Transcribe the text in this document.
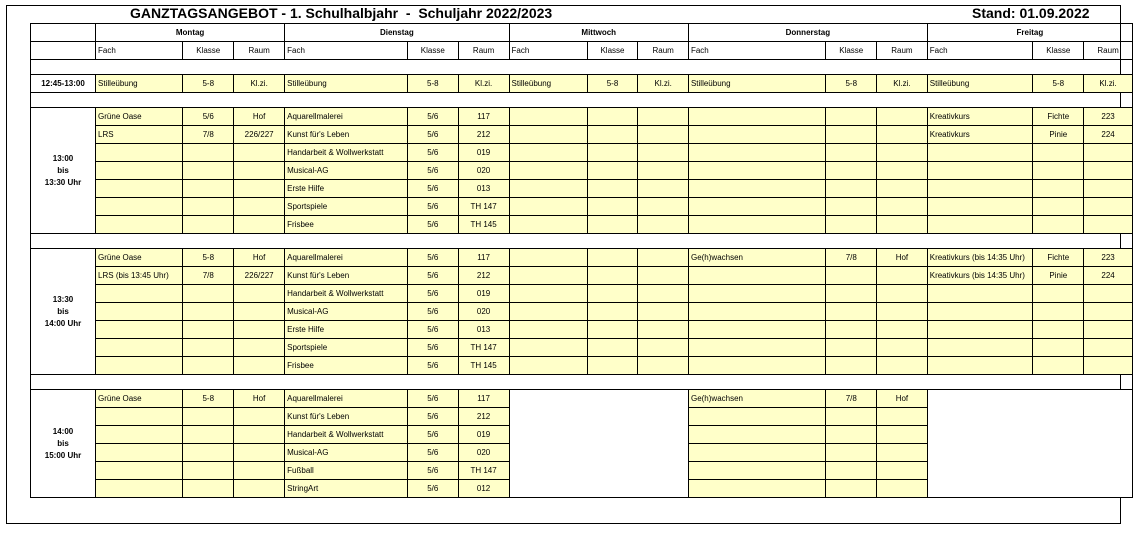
GANZTAGSANGEBOT - 1. Schulhalbjahr  -  Schuljahr 2022/2023	Stand: 01.09.2022
	Montag			Dienstag			Mittwoch			Donnerstag			Freitag		
	Fach	Klasse	Raum	Fach	Klasse	Raum	Fach	Klasse	Raum	Fach	Klasse	Raum	Fach	Klasse	Raum

12:45-13:00	Stilleübung	5-8	Kl.zi.	Stilleübung	5-8	Kl.zi.	Stilleübung	5-8	Kl.zi.	Stilleübung	5-8	Kl.zi.	Stilleübung	5-8	Kl.zi.

13:00
bis
13:30 Uhr	Grüne Oase	5/6	Hof	Aquarellmalerei	5/6	117							Kreativkurs	Fichte	223
	LRS	7/8	226/227	Kunst für's Leben	5/6	212							Kreativkurs	Pinie	224
				Handarbeit & Wollwerkstatt	5/6	019									
				Musical-AG	5/6	020									
				Erste Hilfe	5/6	013									
				Sportspiele	5/6	TH 147									
				Frisbee	5/6	TH 145									

13:30
bis
14:00 Uhr	Grüne Oase	5-8	Hof	Aquarellmalerei	5/6	117				Ge(h)wachsen	7/8	Hof	Kreativkurs (bis 14:35 Uhr)	Fichte	223
	LRS (bis 13:45 Uhr)	7/8	226/227	Kunst für's Leben	5/6	212							Kreativkurs (bis 14:35 Uhr)	Pinie	224
				Handarbeit & Wollwerkstatt	5/6	019									
				Musical-AG	5/6	020									
				Erste Hilfe	5/6	013									
				Sportspiele	5/6	TH 147									
				Frisbee	5/6	TH 145									

14:00
bis
15:00 Uhr	Grüne Oase	5-8	Hof	Aquarellmalerei	5/6	117				Ge(h)wachsen	7/8	Hof			
				Kunst für's Leben	5/6	212									
				Handarbeit & Wollwerkstatt	5/6	019									
				Musical-AG	5/6	020									
				Fußball	5/6	TH 147									
				StringArt	5/6	012									
